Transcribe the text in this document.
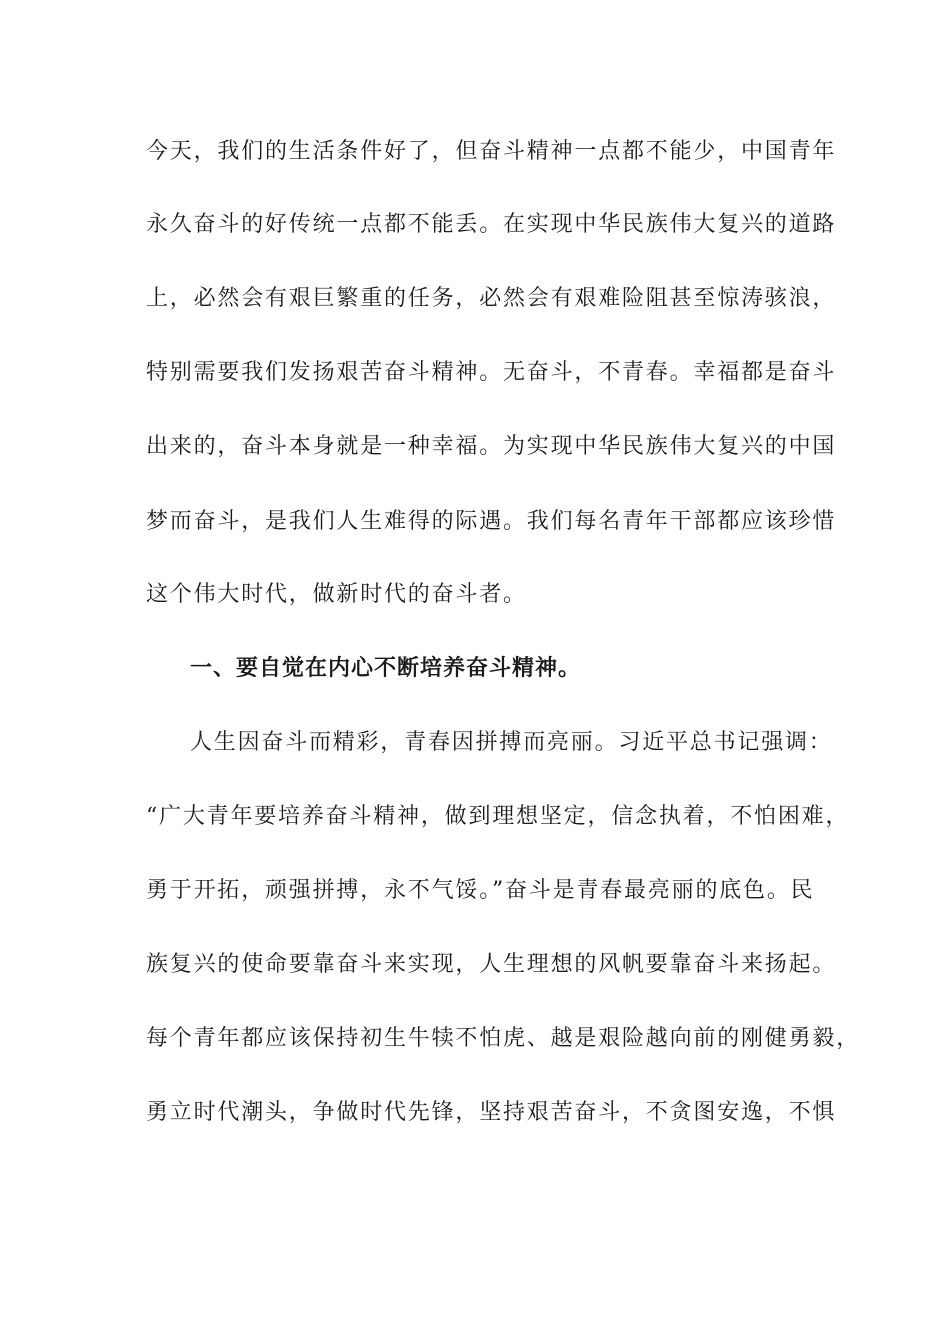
今天，我们的生活条件好了，但奋斗精神一点都不能少，中国青年
永久奋斗的好传统一点都不能丢。在实现中华民族伟大复兴的道路
上，必然会有艰巨繁重的任务，必然会有艰难险阻甚至惊涛骇浪，
特别需要我们发扬艰苦奋斗精神。无奋斗，不青春。幸福都是奋斗
出来的，奋斗本身就是一种幸福。为实现中华民族伟大复兴的中国
梦而奋斗，是我们人生难得的际遇。我们每名青年干部都应该珍惜
这个伟大时代，做新时代的奋斗者。
一、要自觉在内心不断培养奋斗精神。
人生因奋斗而精彩，青春因拼搏而亮丽。习近平总书记强调：
“广大青年要培养奋斗精神，做到理想坚定，信念执着，不怕困难，
勇于开拓，顽强拼搏，永不气馁。”奋斗是青春最亮丽的底色。民
族复兴的使命要靠奋斗来实现，人生理想的风帆要靠奋斗来扬起。
每个青年都应该保持初生牛犊不怕虎、越是艰险越向前的刚健勇毅，
勇立时代潮头，争做时代先锋，坚持艰苦奋斗，不贪图安逸，不惧
